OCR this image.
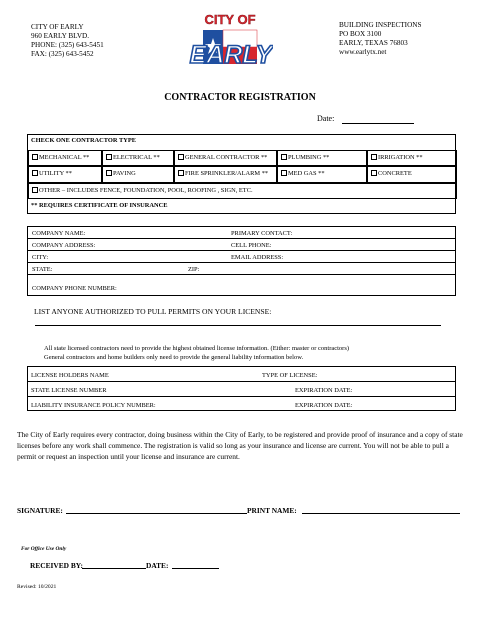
CITY OF EARLY
960 EARLY BLVD.
PHONE: (325) 643-5451
FAX: (325) 643-5452
CITY OF
EARLY
BUILDING INSPECTIONS
PO BOX 3100
EARLY, TEXAS 76803
www.earlytx.net
CONTRACTOR REGISTRATION
Date:
CHECK ONE CONTRACTOR TYPE
MECHANICAL **	ELECTRICAL **	GENERAL CONTRACTOR **	PLUMBING **	IRRIGATION **
UTILITY **	PAVING	FIRE SPRINKLER/ALARM **	MED GAS **	CONCRETE
OTHER – INCLUDES FENCE, FOUNDATION, POOL, ROOFING , SIGN, ETC.
** REQUIRES CERTIFICATE OF INSURANCE
COMPANY NAME:	PRIMARY CONTACT:
COMPANY ADDRESS:	CELL PHONE:
CITY:	EMAIL ADDRESS:
STATE:	ZIP:
COMPANY PHONE NUMBER:
LIST ANYONE AUTHORIZED TO PULL PERMITS ON YOUR LICENSE:
All state licensed contractors need to provide the highest obtained license information. (Either: master or contractors)
General contractors and home builders only need to provide the general liability information below.
LICENSE HOLDERS NAME	TYPE OF LICENSE:
STATE LICENSE NUMBER	EXPIRATION DATE:
LIABILITY INSURANCE POLICY NUMBER:	EXPIRATION DATE:
The City of Early requires every contractor, doing business within the City of Early, to be registered and provide proof of insurance and a copy of state licenses before any work shall commence. The registration is valid so long as your insurance and license are current. You will not be able to pull a permit or request an inspection until your license and insurance are current.
SIGNATURE:	PRINT NAME:
For Office Use Only
RECEIVED BY:	DATE:
Revised: 10/2021
